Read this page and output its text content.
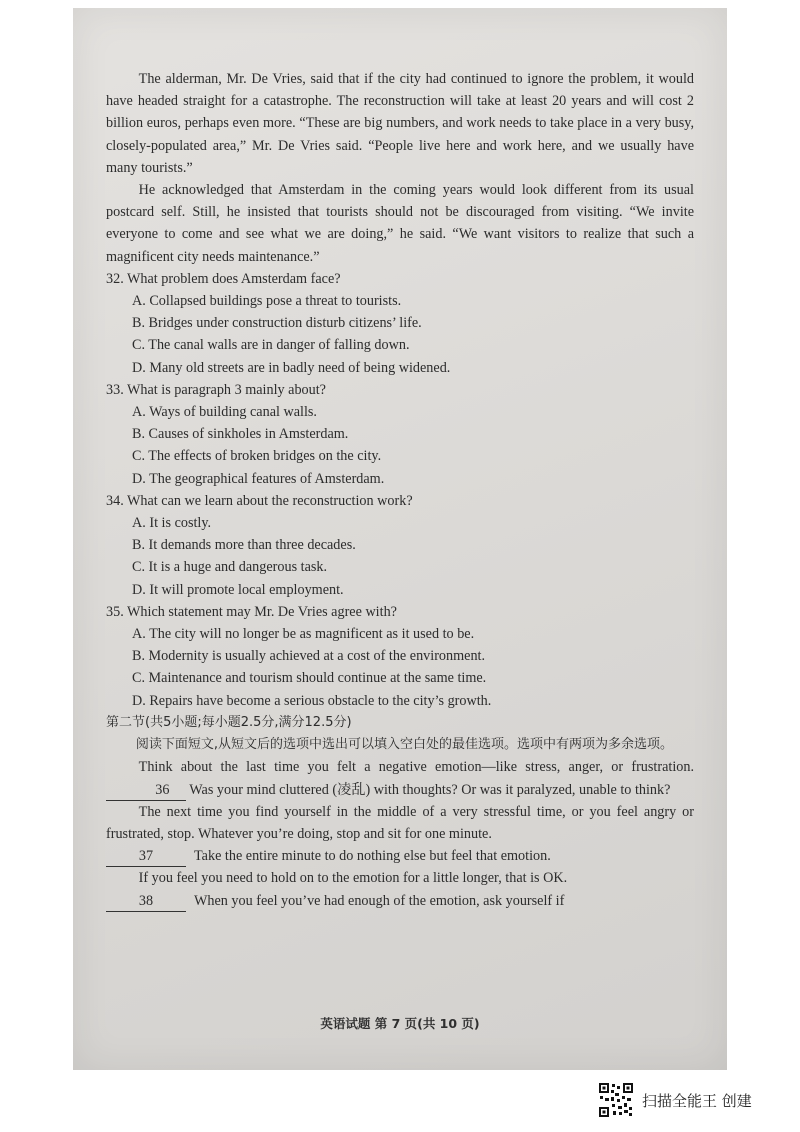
The alderman, Mr. De Vries, said that if the city had continued to ignore the problem, it would have headed straight for a catastrophe. The reconstruction will take at least 20 years and will cost 2 billion euros, perhaps even more. “These are big numbers, and work needs to take place in a very busy, closely-populated area,” Mr. De Vries said. “People live here and work here, and we usually have many tourists.”

He acknowledged that Amsterdam in the coming years would look different from its usual postcard self. Still, he insisted that tourists should not be discouraged from visiting. “We invite everyone to come and see what we are doing,” he said. “We want visitors to realize that such a magnificent city needs maintenance.”

32. What problem does Amsterdam face?

A. Collapsed buildings pose a threat to tourists.

B. Bridges under construction disturb citizens’ life.

C. The canal walls are in danger of falling down.

D. Many old streets are in badly need of being widened.

33. What is paragraph 3 mainly about?

A. Ways of building canal walls.

B. Causes of sinkholes in Amsterdam.

C. The effects of broken bridges on the city.

D. The geographical features of Amsterdam.

34. What can we learn about the reconstruction work?

A. It is costly.

B. It demands more than three decades.

C. It is a huge and dangerous task.

D. It will promote local employment.

35. Which statement may Mr. De Vries agree with?

A. The city will no longer be as magnificent as it used to be.

B. Modernity is usually achieved at a cost of the environment.

C. Maintenance and tourism should continue at the same time.

D. Repairs have become a serious obstacle to the city’s growth.

第二节(共5小题;每小题2.5分,满分12.5分)

阅读下面短文,从短文后的选项中选出可以填入空白处的最佳选项。选项中有两项为多余选项。

Think about the last time you felt a negative emotion—like stress, anger, or frustration. 36 Was your mind cluttered (凌乱) with thoughts? Or was it paralyzed, unable to think?

The next time you find yourself in the middle of a very stressful time, or you feel angry or frustrated, stop. Whatever you’re doing, stop and sit for one minute.

37	Take the entire minute to do nothing else but feel that emotion.

If you feel you need to hold on to the emotion for a little longer, that is OK.

38	When you feel you’ve had enough of the emotion, ask yourself if

英语试题 第 7 页(共 10 页)
扫描全能王 创建
